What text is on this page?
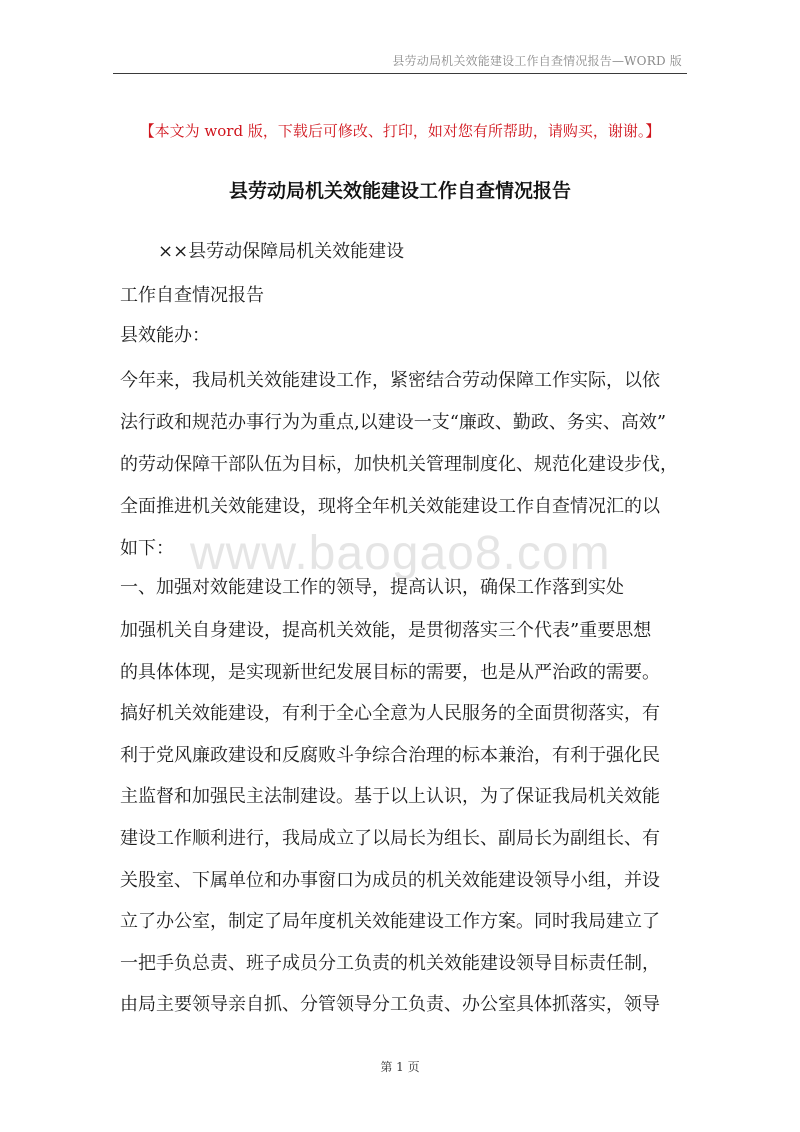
县劳动局机关效能建设工作自查情况报告—WORD 版
【本文为 word 版，下载后可修改、打印，如对您有所帮助，请购买，谢谢。】
县劳动局机关效能建设工作自查情况报告
××县劳动保障局机关效能建设
工作自查情况报告
县效能办：
今年来，我局机关效能建设工作，紧密结合劳动保障工作实际，以依
法行政和规范办事行为为重点,以建设一支“廉政、勤政、务实、高效”
的劳动保障干部队伍为目标，加快机关管理制度化、规范化建设步伐，
全面推进机关效能建设，现将全年机关效能建设工作自查情况汇的以
如下： www.baogao8.com
一、加强对效能建设工作的领导，提高认识，确保工作落到实处
加强机关自身建设，提高机关效能，是贯彻落实三个代表”重要思想
的具体体现，是实现新世纪发展目标的需要，也是从严治政的需要。
搞好机关效能建设，有利于全心全意为人民服务的全面贯彻落实，有
利于党风廉政建设和反腐败斗争综合治理的标本兼治，有利于强化民
主监督和加强民主法制建设。基于以上认识，为了保证我局机关效能
建设工作顺利进行，我局成立了以局长为组长、副局长为副组长、有
关股室、下属单位和办事窗口为成员的机关效能建设领导小组，并设
立了办公室，制定了局年度机关效能建设工作方案。同时我局建立了
一把手负总责、班子成员分工负责的机关效能建设领导目标责任制，
由局主要领导亲自抓、分管领导分工负责、办公室具体抓落实，领导
第 1 页
